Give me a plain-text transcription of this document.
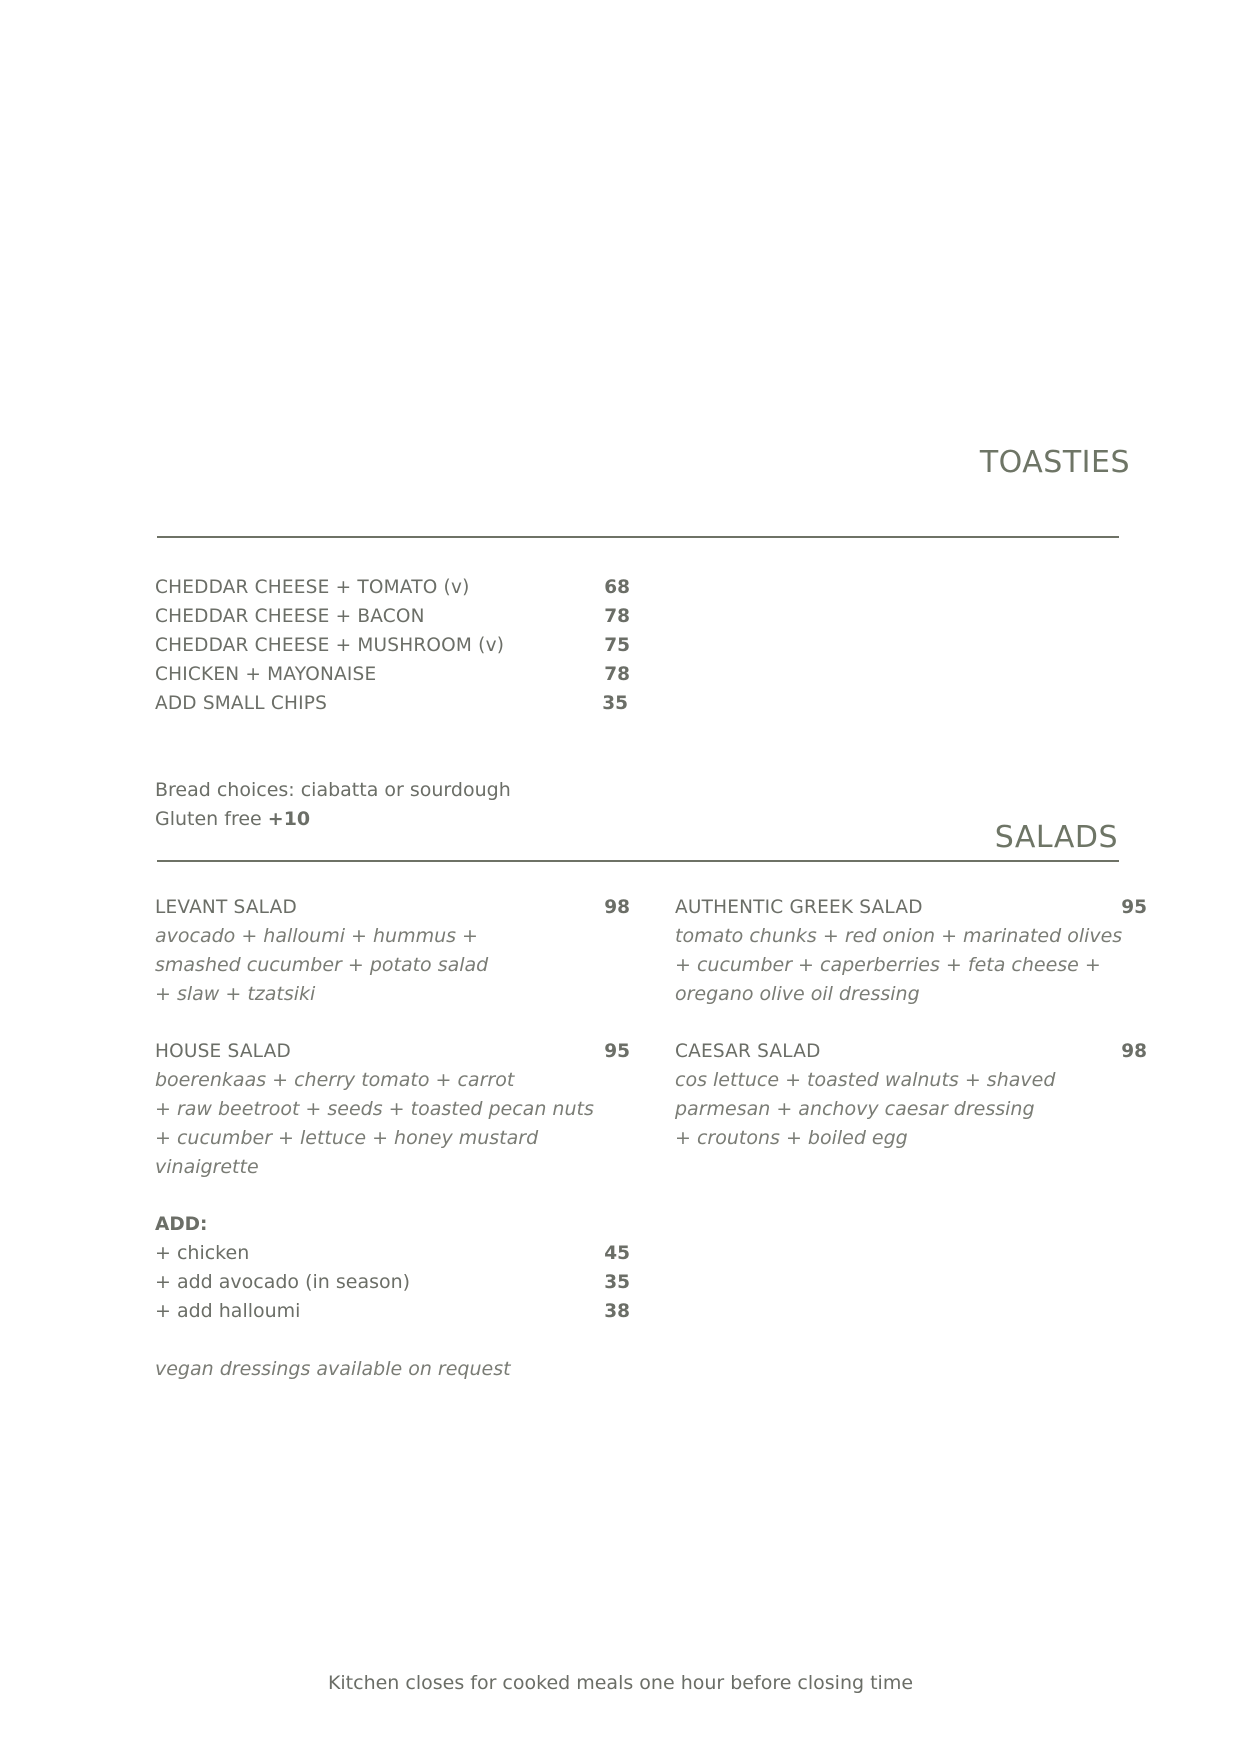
TOASTIES
CHEDDAR CHEESE + TOMATO (v)	68
CHEDDAR CHEESE + BACON	78
CHEDDAR CHEESE + MUSHROOM (v)	75
CHICKEN + MAYONAISE	78
ADD SMALL CHIPS	35
Bread choices: ciabatta or sourdough
Gluten free +10
SALADS
LEVANT SALAD	98
avocado + halloumi + hummus +
smashed cucumber + potato salad
+ slaw + tzatsiki
AUTHENTIC GREEK SALAD	95
tomato chunks + red onion + marinated olives
+ cucumber + caperberries + feta cheese +
oregano olive oil dressing
HOUSE SALAD	95
boerenkaas + cherry tomato + carrot
+ raw beetroot + seeds + toasted pecan nuts
+ cucumber + lettuce + honey mustard
vinaigrette
CAESAR SALAD	98
cos lettuce + toasted walnuts + shaved
parmesan + anchovy caesar dressing
+ croutons + boiled egg
ADD:
+ chicken	45
+ add avocado (in season)	35
+ add halloumi	38
vegan dressings available on request
Kitchen closes for cooked meals one hour before closing time
